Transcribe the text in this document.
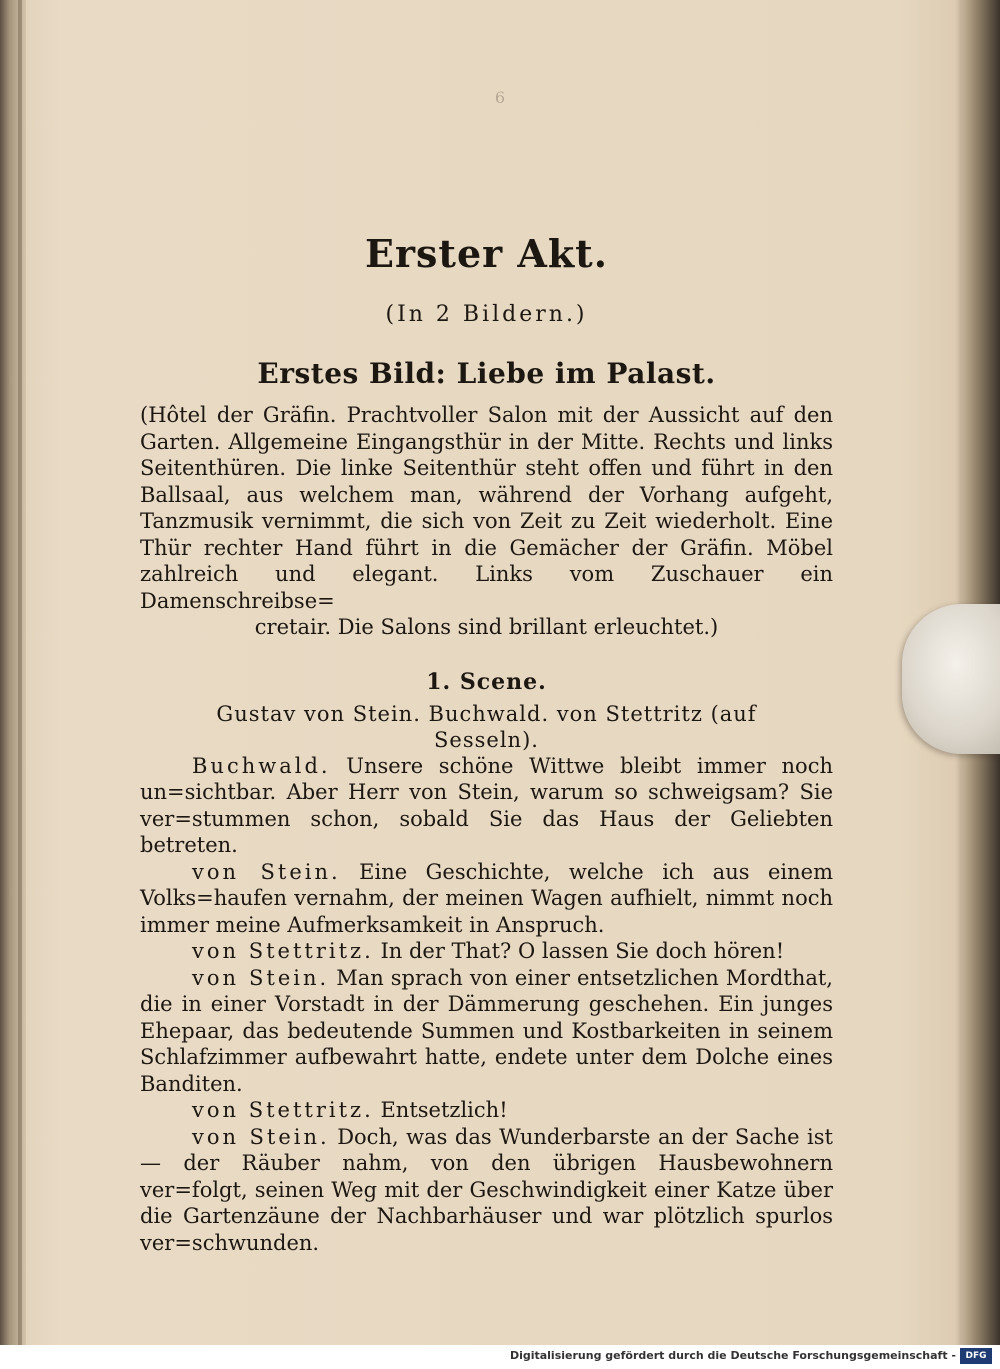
6
Erster Akt.
(In 2 Bildern.)
Erstes Bild: Liebe im Palast.

(Hôtel der Gräfin. Prachtvoller Salon mit der Aussicht auf den Garten. Allgemeine Eingangsthür in der Mitte. Rechts und links Seitenthüren. Die linke Seitenthür steht offen und führt in den Ballsaal, aus welchem man, während der Vorhang aufgeht, Tanzmusik vernimmt, die sich von Zeit zu Zeit wiederholt. Eine Thür rechter Hand führt in die Gemächer der Gräfin. Möbel zahlreich und elegant. Links vom Zuschauer ein Damenschreibse=

cretair. Die Salons sind brillant erleuchtet.)

1. Scene.
Gustav von Stein. Buchwald. von Stettritz (auf
Sesseln).

Buchwald. Unsere schöne Wittwe bleibt immer noch un=sichtbar. Aber Herr von Stein, warum so schweigsam? Sie ver=stummen schon, sobald Sie das Haus der Geliebten betreten.

von Stein. Eine Geschichte, welche ich aus einem Volks=haufen vernahm, der meinen Wagen aufhielt, nimmt noch immer meine Aufmerksamkeit in Anspruch.

von Stettritz. In der That? O lassen Sie doch hören!

von Stein. Man sprach von einer entsetzlichen Mordthat, die in einer Vorstadt in der Dämmerung geschehen. Ein junges Ehepaar, das bedeutende Summen und Kostbarkeiten in seinem Schlafzimmer aufbewahrt hatte, endete unter dem Dolche eines Banditen.

von Stettritz. Entsetzlich!

von Stein. Doch, was das Wunderbarste an der Sache ist — der Räuber nahm, von den übrigen Hausbewohnern ver=folgt, seinen Weg mit der Geschwindigkeit einer Katze über die Gartenzäune der Nachbarhäuser und war plötzlich spurlos ver=schwunden.

Digitalisierung gefördert durch die Deutsche Forschungsgemeinschaft -	DFG
